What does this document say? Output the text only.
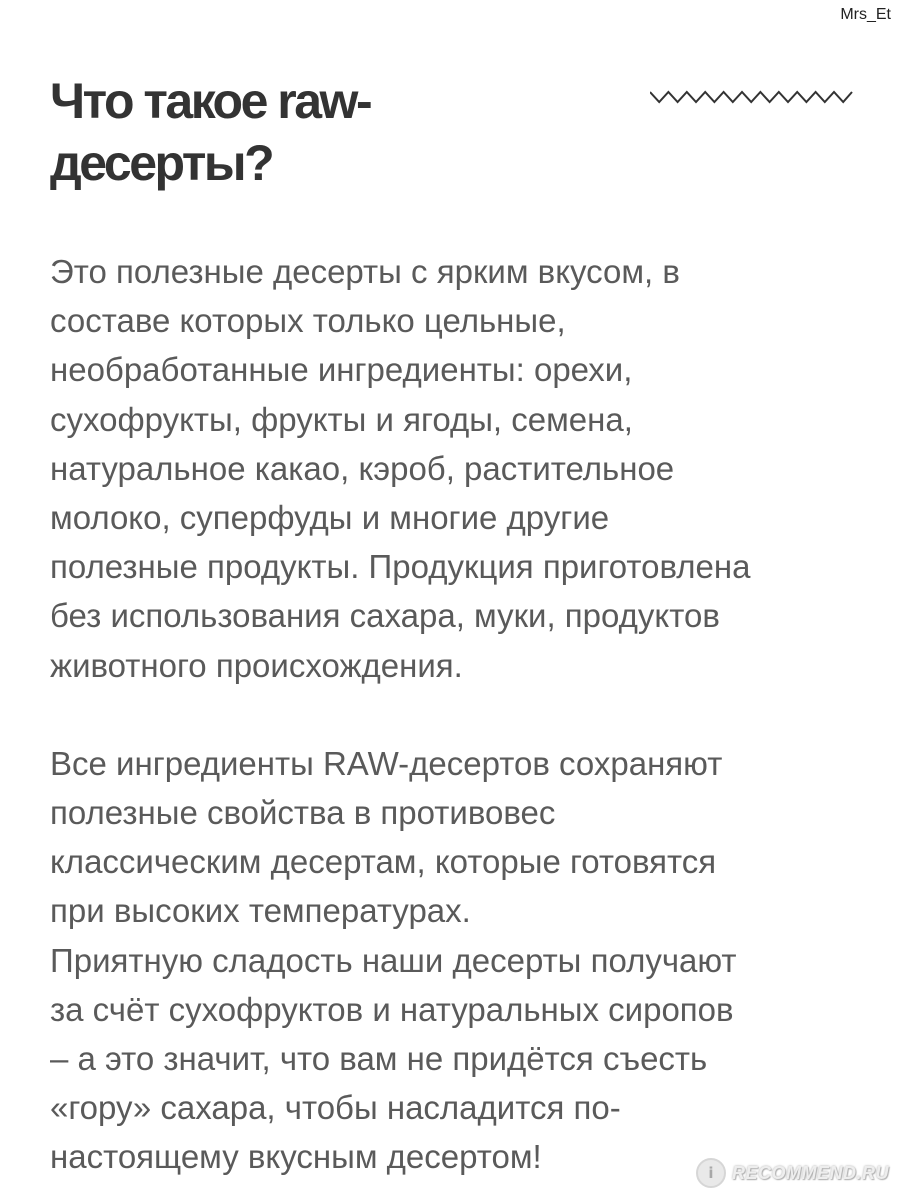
Mrs_Et
Что такое raw-
десерты?

Это полезные десерты с ярким вкусом, в
составе которых только цельные,
необработанные ингредиенты: орехи,
сухофрукты, фрукты и ягоды, семена,
натуральное какао, кэроб, растительное
молоко, суперфуды и многие другие
полезные продукты. Продукция приготовлена
без использования сахара, муки, продуктов
животного происхождения.

Все ингредиенты RAW-десертов сохраняют
полезные свойства в противовес
классическим десертам, которые готовятся
при высоких температурах.
Приятную сладость наши десерты получают
за счёт сухофруктов и натуральных сиропов
– а это значит, что вам не придётся съесть
«гору» сахара, чтобы насладится по-
настоящему вкусным десертом!	i	RECOMMEND.RU
